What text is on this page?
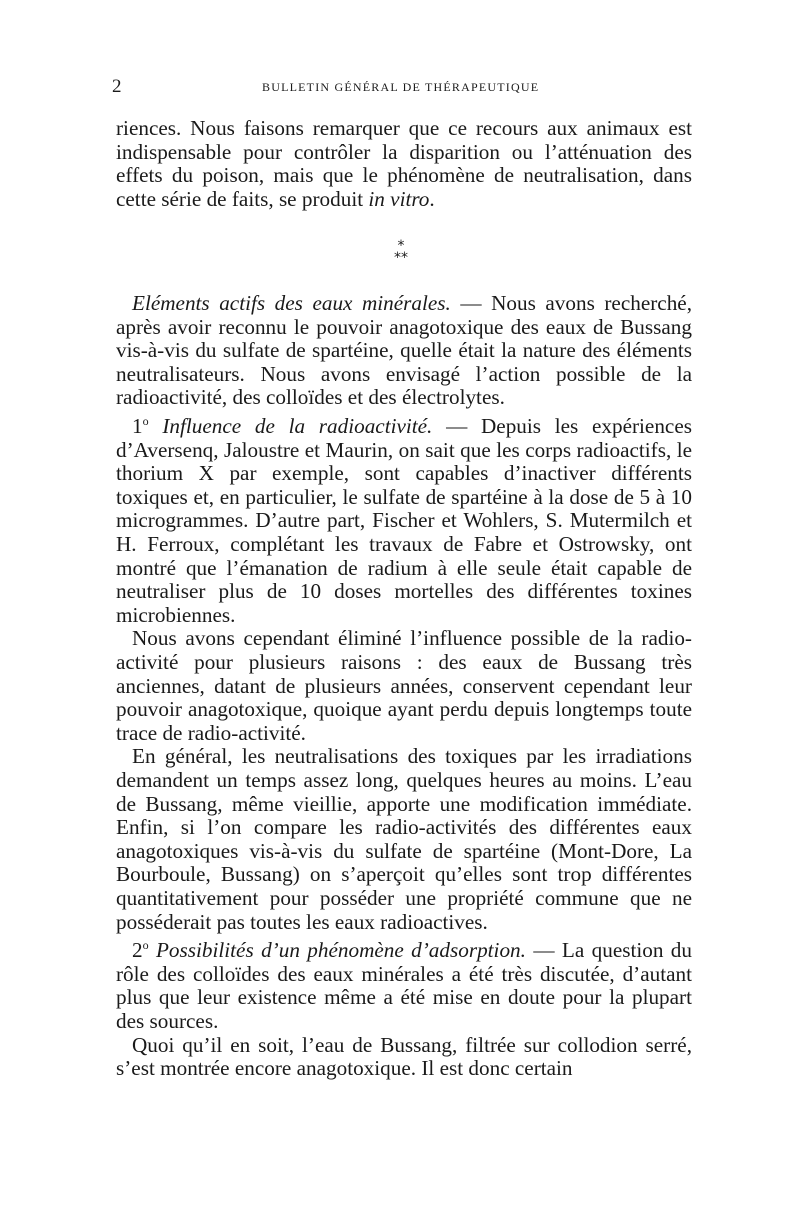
2	BULLETIN GÉNÉRAL DE THÉRAPEUTIQUE

riences. Nous faisons remarquer que ce recours aux animaux est indispensable pour contrôler la disparition ou l’atténuation des effets du poison, mais que le phénomène de neutralisation, dans cette série de faits, se produit in vitro.

*
**

Eléments actifs des eaux minérales. — Nous avons recherché, après avoir reconnu le pouvoir anagotoxique des eaux de Bussang vis-à-vis du sulfate de spartéine, quelle était la nature des éléments neutralisateurs. Nous avons envisagé l’action possible de la radioactivité, des colloïdes et des électrolytes.

1$^o$ Influence de la radioactivité. — Depuis les expériences d’Aversenq, Jaloustre et Maurin, on sait que les corps radioactifs, le thorium X par exemple, sont capables d’inactiver différents toxiques et, en particulier, le sulfate de spartéine à la dose de 5 à 10 microgrammes. D’autre part, Fischer et Wohlers, S. Mutermilch et H. Ferroux, complétant les travaux de Fabre et Ostrowsky, ont montré que l’émanation de radium à elle seule était capable de neutraliser plus de 10 doses mortelles des différentes toxines microbiennes.

Nous avons cependant éliminé l’influence possible de la radio-activité pour plusieurs raisons : des eaux de Bussang très anciennes, datant de plusieurs années, conservent cependant leur pouvoir anagotoxique, quoique ayant perdu depuis longtemps toute trace de radio-activité.

En général, les neutralisations des toxiques par les irradiations demandent un temps assez long, quelques heures au moins. L’eau de Bussang, même vieillie, apporte une modification immédiate. Enfin, si l’on compare les radio-activités des différentes eaux anagotoxiques vis-à-vis du sulfate de spartéine (Mont-Dore, La Bourboule, Bussang) on s’aperçoit qu’elles sont trop différentes quantitativement pour posséder une propriété commune que ne posséderait pas toutes les eaux radioactives.

2$^o$ Possibilités d’un phénomène d’adsorption. — La question du rôle des colloïdes des eaux minérales a été très discutée, d’autant plus que leur existence même a été mise en doute pour la plupart des sources.

Quoi qu’il en soit, l’eau de Bussang, filtrée sur collodion serré, s’est montrée encore anagotoxique. Il est donc certain
